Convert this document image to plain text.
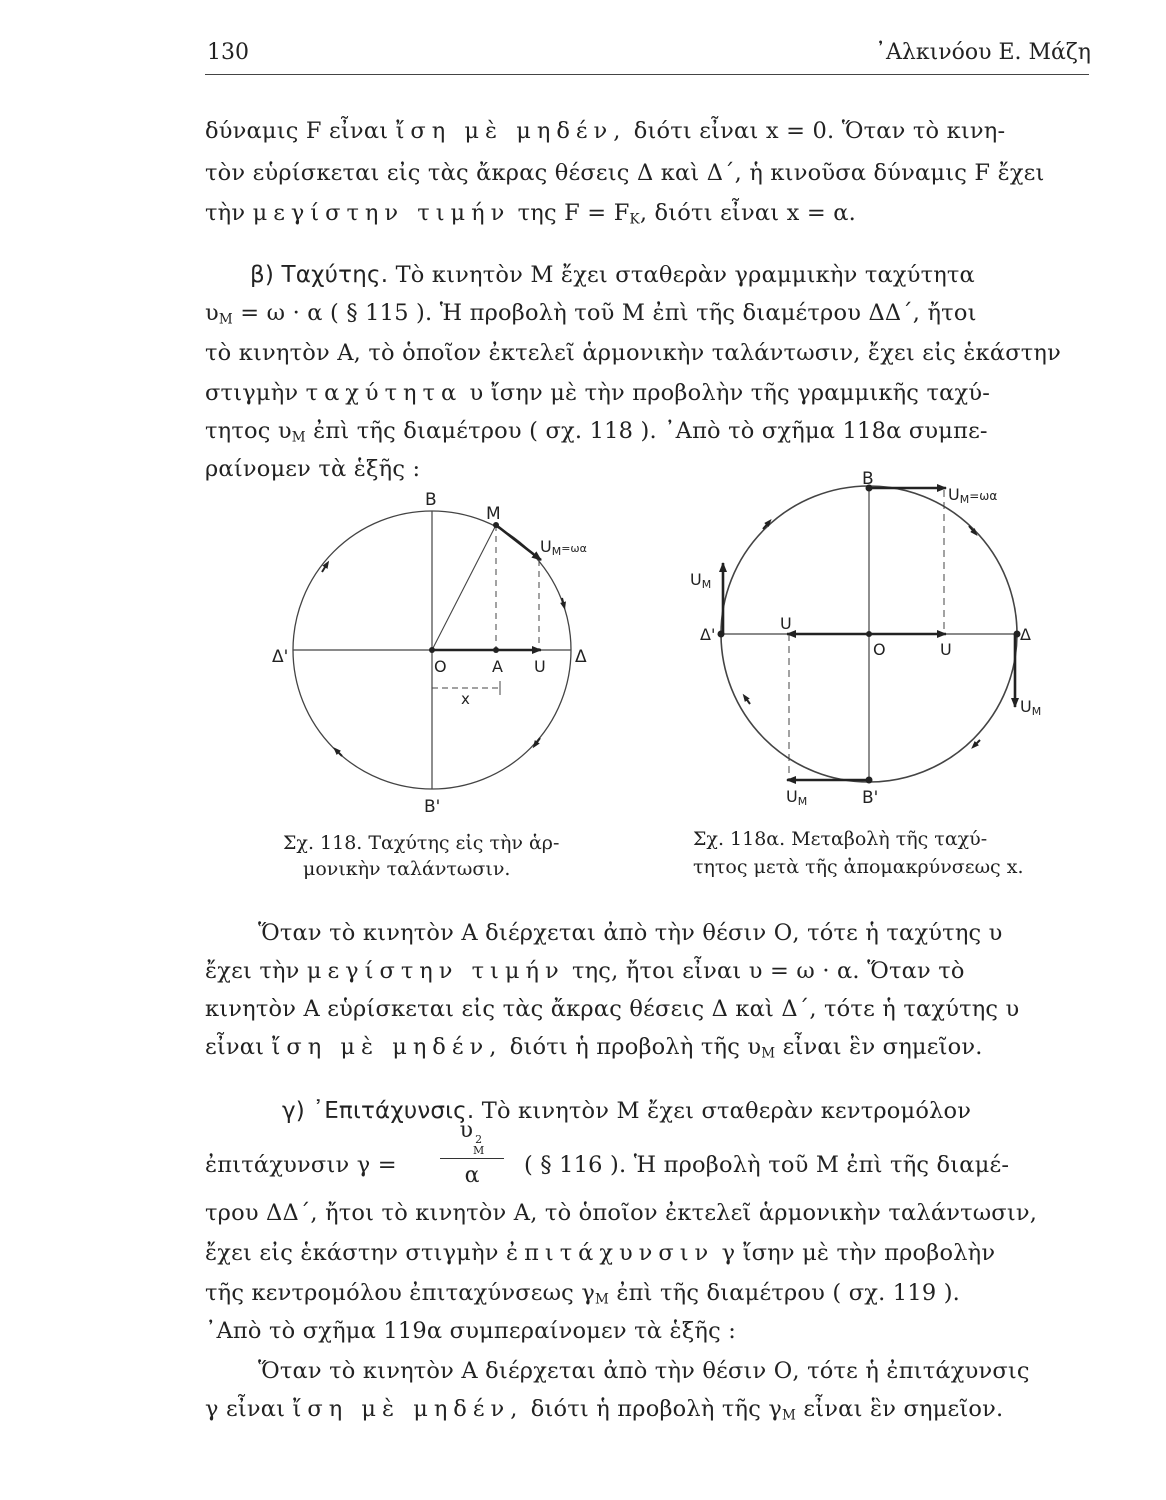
130	᾽Αλκινόου Ε. Μάζη
δύναμις F εἶναι ἴση μὲ μηδέν, διότι εἶναι x = 0. Ὅταν τὸ κινη-
τὸν εὑρίσκεται εἰς τὰς ἄκρας θέσεις Δ καὶ Δ΄, ἡ κινοῦσα δύναμις F ἔχει
τὴν μεγίστην τιμήν της $F = F_K$, διότι εἶναι x = α.
β) Ταχύτης. Τὸ κινητὸν Μ ἔχει σταθερὰν γραμμικὴν ταχύτητα
$\upsilon_M = \omega \cdot \alpha$ ( § 115 ). Ἡ προβολὴ τοῦ Μ ἐπὶ τῆς διαμέτρου ΔΔ΄, ἤτοι
τὸ κινητὸν Α, τὸ ὁποῖον ἐκτελεῖ ἁρμονικὴν ταλάντωσιν, ἔχει εἰς ἑκάστην
στιγμὴν ταχύτητα υ ἴσην μὲ τὴν προβολὴν τῆς γραμμικῆς ταχύ-
τητος $\upsilon_M$ ἐπὶ τῆς διαμέτρου ( σχ. 118 ). ᾽Απὸ τὸ σχῆμα 118α συμπε-
ραίνομεν τὰ ἑξῆς :
B
M
UM=ωα
Δ'	O	A U Δ
x
B'
B
UM=ωα
UM
Δ'
U
O	U
Δ
UM
UM	B'
Σχ. 118. Ταχύτης εἰς τὴν ἁρ-
μονικὴν ταλάντωσιν.
Σχ. 118α. Μεταβολὴ τῆς ταχύ-
τητος μετὰ τῆς ἀπομακρύνσεως x.
Ὅταν τὸ κινητὸν Α διέρχεται ἀπὸ τὴν θέσιν Ο, τότε ἡ ταχύτης υ
ἔχει τὴν μεγίστην τιμήν της, ἤτοι εἶναι υ = ω · α. Ὅταν τὸ
κινητὸν Α εὑρίσκεται εἰς τὰς ἄκρας θέσεις Δ καὶ Δ΄, τότε ἡ ταχύτης υ
εἶναι ἴση μὲ μηδέν, διότι ἡ προβολὴ τῆς $\upsilon_M$ εἶναι ἓν σημεῖον.
γ) ᾽Επιτάχυνσις. Τὸ κινητὸν Μ ἔχει σταθερὰν κεντρομόλον
ἐπιτάχυνσιν γ = υ 2
M
α ( § 116 ). Ἡ προβολὴ τοῦ Μ ἐπὶ τῆς διαμέ-
τρου ΔΔ΄, ἤτοι τὸ κινητὸν Α, τὸ ὁποῖον ἐκτελεῖ ἁρμονικὴν ταλάντωσιν,
ἔχει εἰς ἑκάστην στιγμὴν ἐπιτάχυνσιν γ ἴσην μὲ τὴν προβολὴν
τῆς κεντρομόλου ἐπιταχύνσεως $\gamma_M$ ἐπὶ τῆς διαμέτρου ( σχ. 119 ).
᾽Απὸ τὸ σχῆμα 119α συμπεραίνομεν τὰ ἑξῆς :
Ὅταν τὸ κινητὸν Α διέρχεται ἀπὸ τὴν θέσιν Ο, τότε ἡ ἐπιτάχυνσις
γ εἶναι ἴση μὲ μηδέν, διότι ἡ προβολὴ τῆς $\gamma_M$ εἶναι ἓν σημεῖον.
